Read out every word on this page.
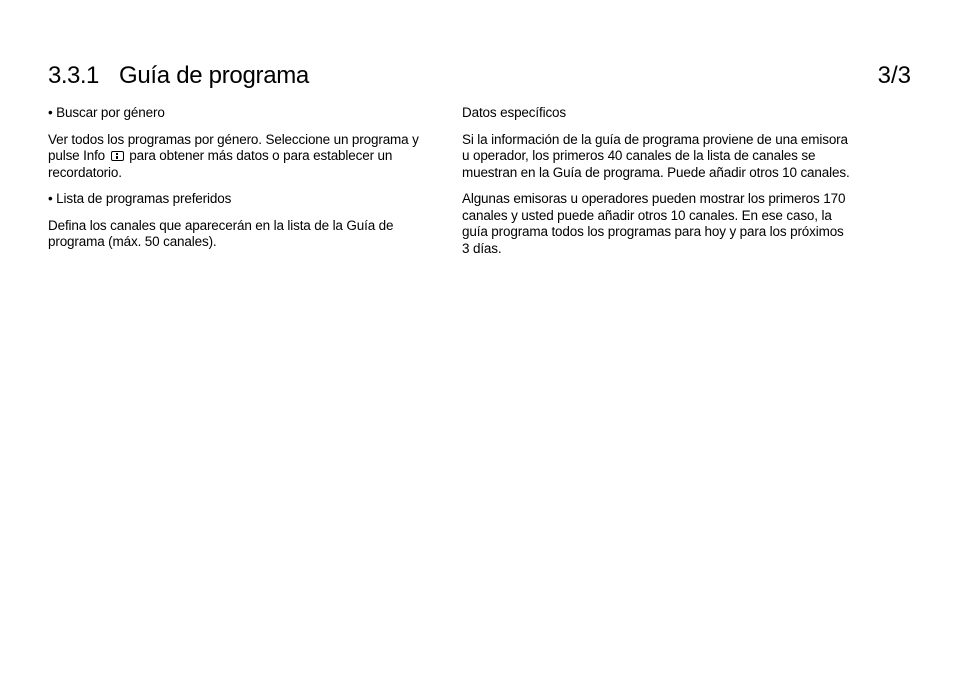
3.3.1 Guía de programa	3/3

• Buscar por género

Ver todos los programas por género. Seleccione un programa y pulse Info para obtener más datos o para establecer un recordatorio.

• Lista de programas preferidos

Defina los canales que aparecerán en la lista de la Guía de programa (máx. 50 canales).

Datos específicos

Si la información de la guía de programa proviene de una emisora u operador, los primeros 40 canales de la lista de canales se muestran en la Guía de programa. Puede añadir otros 10 canales.

Algunas emisoras u operadores pueden mostrar los primeros 170 canales y usted puede añadir otros 10 canales. En ese caso, la guía programa todos los programas para hoy y para los próximos 3 días.
